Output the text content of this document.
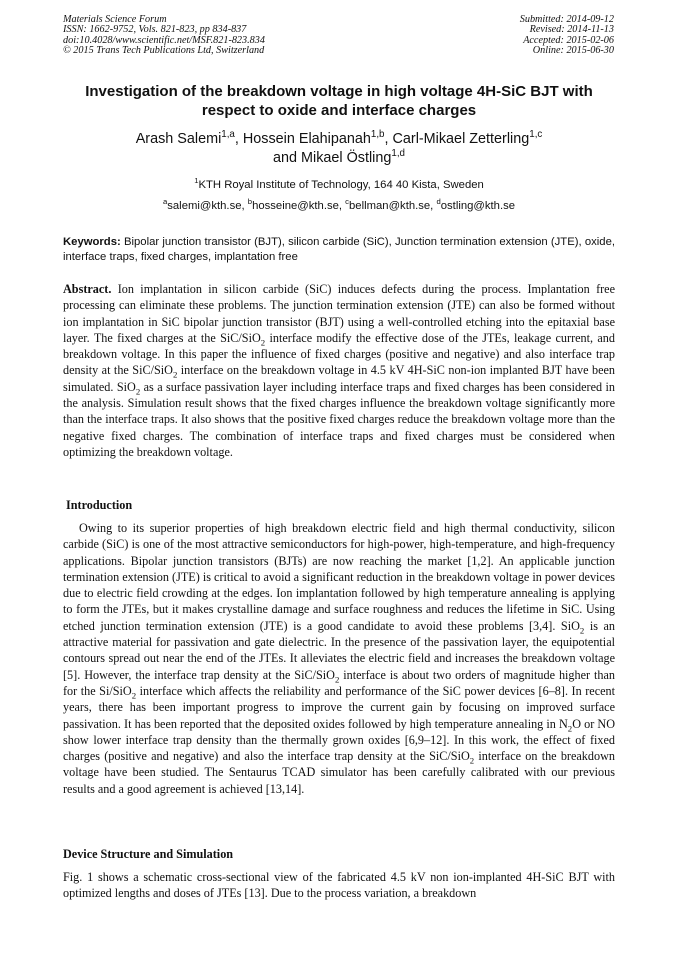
Materials Science Forum
ISSN: 1662-9752, Vols. 821-823, pp 834-837
doi:10.4028/www.scientific.net/MSF.821-823.834
© 2015 Trans Tech Publications Ltd, Switzerland
Submitted: 2014-09-12
Revised: 2014-11-13
Accepted: 2015-02-06
Online: 2015-06-30
Investigation of the breakdown voltage in high voltage 4H-SiC BJT with
respect to oxide and interface charges
Arash Salemi$^{1,a}$, Hossein Elahipanah$^{1,b}$, Carl-Mikael Zetterling$^{1,c}$
and Mikael Östling$^{1,d}$
$^1$KTH Royal Institute of Technology, 164 40 Kista, Sweden
$^a$salemi@kth.se, $^b$hosseine@kth.se, $^c$bellman@kth.se, $^d$ostling@kth.se
Keywords: Bipolar junction transistor (BJT), silicon carbide (SiC), Junction termination extension (JTE), oxide, interface traps, fixed charges, implantation free
Abstract. Ion implantation in silicon carbide (SiC) induces defects during the process. Implantation free processing can eliminate these problems. The junction termination extension (JTE) can also be formed without ion implantation in SiC bipolar junction transistor (BJT) using a well-controlled etching into the epitaxial base layer. The fixed charges at the SiC/SiO$_2$ interface modify the effective dose of the JTEs, leakage current, and breakdown voltage. In this paper the influence of fixed charges (positive and negative) and also interface trap density at the SiC/SiO$_2$ interface on the breakdown voltage in 4.5 kV 4H-SiC non-ion implanted BJT have been simulated. SiO$_2$ as a surface passivation layer including interface traps and fixed charges has been considered in the analysis. Simulation result shows that the fixed charges influence the breakdown voltage significantly more than the interface traps. It also shows that the positive fixed charges reduce the breakdown voltage more than the negative fixed charges. The combination of interface traps and fixed charges must be considered when optimizing the breakdown voltage.
Introduction
Owing to its superior properties of high breakdown electric field and high thermal conductivity, silicon carbide (SiC) is one of the most attractive semiconductors for high-power, high-temperature, and high-frequency applications. Bipolar junction transistors (BJTs) are now reaching the market [1,2]. An applicable junction termination extension (JTE) is critical to avoid a significant reduction in the breakdown voltage in power devices due to electric field crowding at the edges. Ion implantation followed by high temperature annealing is applying to form the JTEs, but it makes crystalline damage and surface roughness and reduces the lifetime in SiC. Using etched junction termination extension (JTE) is a good candidate to avoid these problems [3,4]. SiO$_2$ is an attractive material for passivation and gate dielectric. In the presence of the passivation layer, the equipotential contours spread out near the end of the JTEs. It alleviates the electric field and increases the breakdown voltage [5]. However, the interface trap density at the SiC/SiO$_2$ interface is about two orders of magnitude higher than for the Si/SiO$_2$ interface which affects the reliability and performance of the SiC power devices [6–8]. In recent years, there has been important progress to improve the current gain by focusing on improved surface passivation. It has been reported that the deposited oxides followed by high temperature annealing in $N_2O$ or NO show lower interface trap density than the thermally grown oxides [6,9–12]. In this work, the effect of fixed charges (positive and negative) and also the interface trap density at the SiC/SiO$_2$ interface on the breakdown voltage have been studied. The Sentaurus TCAD simulator has been carefully calibrated with our previous results and a good agreement is achieved [13,14].
Device Structure and Simulation
Fig. 1 shows a schematic cross-sectional view of the fabricated 4.5 kV non ion-implanted 4H-SiC BJT with optimized lengths and doses of JTEs [13]. Due to the process variation, a breakdown
